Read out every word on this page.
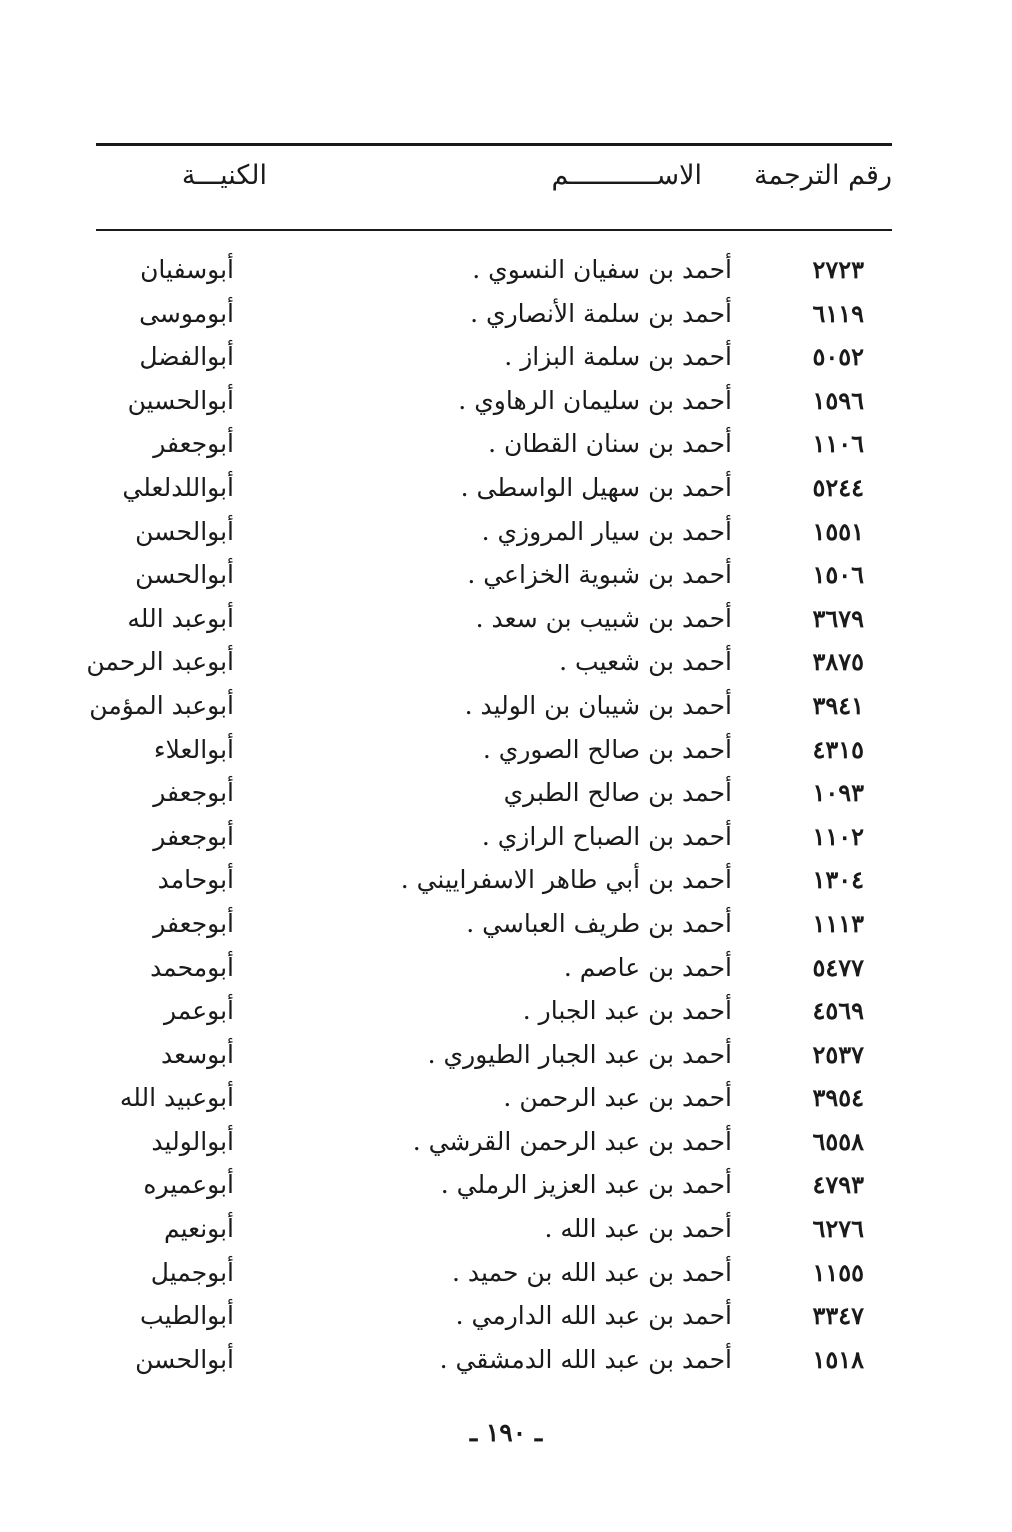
رقم الترجمة
الاســـــــــــم
الكنيـــة
٢٧٢٣
أحمد بن سفيان النسوي .
أبوسفيان
٦١١٩
أحمد بن سلمة الأنصاري .
أبوموسى
٥٠٥٢
أحمد بن سلمة البزاز .
أبوالفضل
١٥٩٦
أحمد بن سليمان الرهاوي .
أبوالحسين
١١٠٦
أحمد بن سنان القطان .
أبوجعفر
٥٢٤٤
أحمد بن سهيل الواسطى .
أبواللدلعلي
١٥٥١
أحمد بن سيار المروزي .
أبوالحسن
١٥٠٦
أحمد بن شبوية الخزاعي .
أبوالحسن
٣٦٧٩
أحمد بن شبيب بن سعد .
أبوعبد الله
٣٨٧٥
أحمد بن شعيب .
أبوعبد الرحمن
٣٩٤١
أحمد بن شيبان بن الوليد .
أبوعبد المؤمن
٤٣١٥
أحمد بن صالح الصوري .
أبوالعلاء
١٠٩٣
أحمد بن صالح الطبري
أبوجعفر
١١٠٢
أحمد بن الصباح الرازي .
أبوجعفر
١٣٠٤
أحمد بن أبي طاهر الاسفراييني .
أبوحامد
١١١٣
أحمد بن طريف العباسي .
أبوجعفر
٥٤٧٧
أحمد بن عاصم .
أبومحمد
٤٥٦٩
أحمد بن عبد الجبار .
أبوعمر
٢٥٣٧
أحمد بن عبد الجبار الطيوري .
أبوسعد
٣٩٥٤
أحمد بن عبد الرحمن .
أبوعبيد الله
٦٥٥٨
أحمد بن عبد الرحمن القرشي .
أبوالوليد
٤٧٩٣
أحمد بن عبد العزيز الرملي .
أبوعميره
٦٢٧٦
أحمد بن عبد الله .
أبونعيم
١١٥٥
أحمد بن عبد الله بن حميد .
أبوجميل
٣٣٤٧
أحمد بن عبد الله الدارمي .
أبوالطيب
١٥١٨
أحمد بن عبد الله الدمشقي .
أبوالحسن
ـ ١٩٠ ـ
